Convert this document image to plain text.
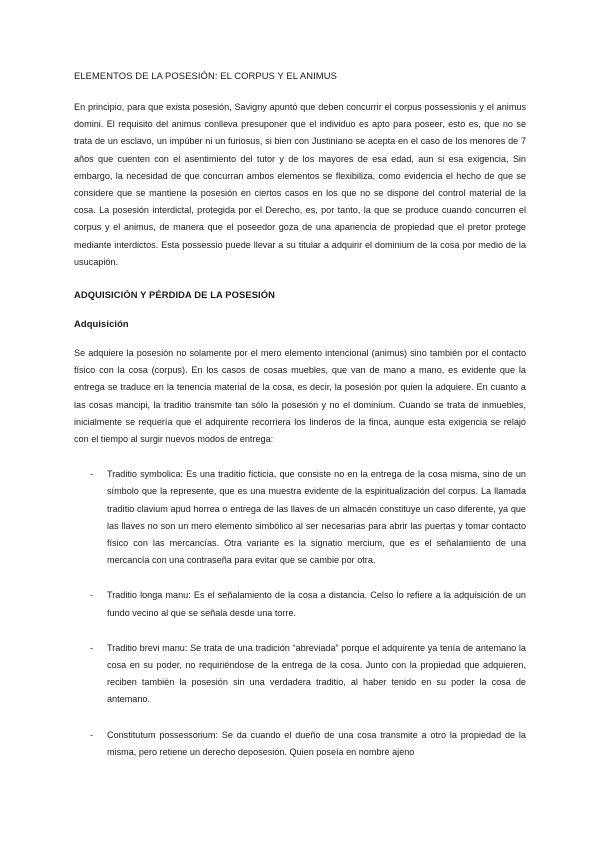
ELEMENTOS DE LA POSESIÓN: EL CORPUS Y EL ANIMUS

En principio, para que exista posesión, Savigny apuntó que deben concurrir el corpus possessionis y el animus domini. El requisito del animus conlleva presuponer que el individuo es apto para poseer, esto es, que no se trata de un esclavo, un impúber ni un furiosus, si bien con Justiniano se acepta en el caso de los menores de 7 años que cuenten con el asentimiento del tutor y de los mayores de esa edad, aun si esa exigencia, Sin embargo, la necesidad de que concurran ambos elementos se flexibiliza, como evidencia el hecho de que se considere que se mantiene la posesión en ciertos casos en los que no se dispone del control material de la cosa. La posesión interdictal, protegida por el Derecho, es, por tanto, la que se produce cuando concurren el corpus y el animus, de manera que el poseedor goza de una apariencia de propiedad que el pretor protege mediante interdictos. Esta possessio puede llevar a su titular a adquirir el dominium de la cosa por medio de la usucapión.

ADQUISICIÓN Y PÉRDIDA DE LA POSESIÓN
Adquisición

Se adquiere la posesión no solamente por el mero elemento intencional (animus) sino también por el contacto físico con la cosa (corpus). En los casos de cosas muebles, que van de mano a mano, es evidente que la entrega se traduce en la tenencia material de la cosa, es decir, la posesión por quien la adquiere. En cuanto a las cosas mancipi, la traditio transmite tan sólo la posesión y no el dominium. Cuando se trata de inmuebles, inicialmente se requería que el adquirente recorriera los linderos de la finca, aunque esta exigencia se relajó con el tiempo al surgir nuevos modos de entrega:

- Traditio symbolica: Es una traditio ficticia, que consiste no en la entrega de la cosa misma, sino de un símbolo que la represente, que es una muestra evidente de la espiritualización del corpus. La llamada traditio clavium apud horrea o entrega de las llaves de un almacén constituye un caso diferente, ya que las llaves no son un mero elemento simbólico al ser necesarias para abrir las puertas y tomar contacto físico con las mercancías. Otra variante es la signatio mercium, que es el señalamiento de una mercancía con una contraseña para evitar que se cambie por otra.
- Traditio longa manu: Es el señalamiento de la cosa a distancia. Celso lo refiere a la adquisición de un fundo vecino al que se señala desde una torre.
- Traditio brevi manu: Se trata de una tradición “abreviada” porque el adquirente ya tenía de antemano la cosa en su poder, no requiriéndose de la entrega de la cosa. Junto con la propiedad que adquieren, reciben también la posesión sin una verdadera traditio, al haber tenido en su poder la cosa de antemano.
- Constitutum possessorium: Se da cuando el dueño de una cosa transmite a otro la propiedad de la misma, pero retiene un derecho deposesión. Quien poseía en nombre ajeno
